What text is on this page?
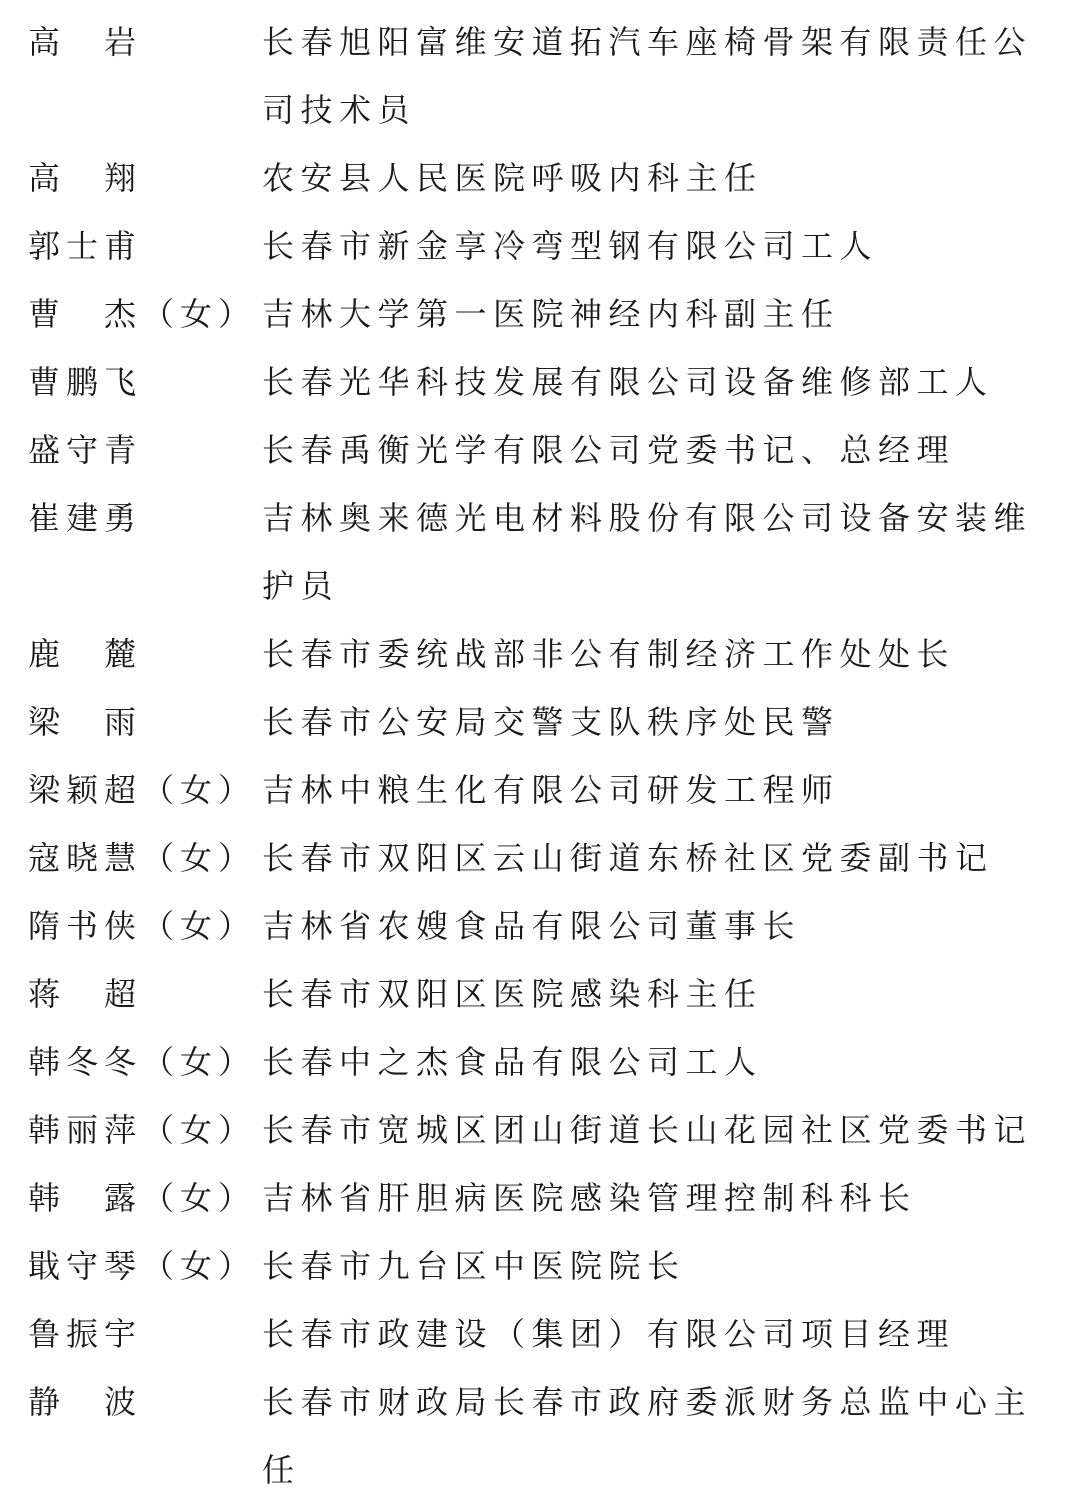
高　岩	长春旭阳富维安道拓汽车座椅骨架有限责任公司技术员
高　翔	农安县人民医院呼吸内科主任
郭士甫	长春市新金享冷弯型钢有限公司工人
曹　杰（女） 吉林大学第一医院神经内科副主任
曹鹏飞	长春光华科技发展有限公司设备维修部工人
盛守青	长春禹衡光学有限公司党委书记、总经理
崔建勇	吉林奥来德光电材料股份有限公司设备安装维护员
鹿　麓	长春市委统战部非公有制经济工作处处长
梁　雨	长春市公安局交警支队秩序处民警
梁颖超（女） 吉林中粮生化有限公司研发工程师
寇晓慧（女） 长春市双阳区云山街道东桥社区党委副书记
隋书侠（女） 吉林省农嫂食品有限公司董事长
蒋　超	长春市双阳区医院感染科主任
韩冬冬（女） 长春中之杰食品有限公司工人
韩丽萍（女） 长春市宽城区团山街道长山花园社区党委书记
韩　露（女） 吉林省肝胆病医院感染管理控制科科长
戢守琴（女） 长春市九台区中医院院长
鲁振宇	长春市政建设（集团）有限公司项目经理
静　波	长春市财政局长春市政府委派财务总监中心主任
